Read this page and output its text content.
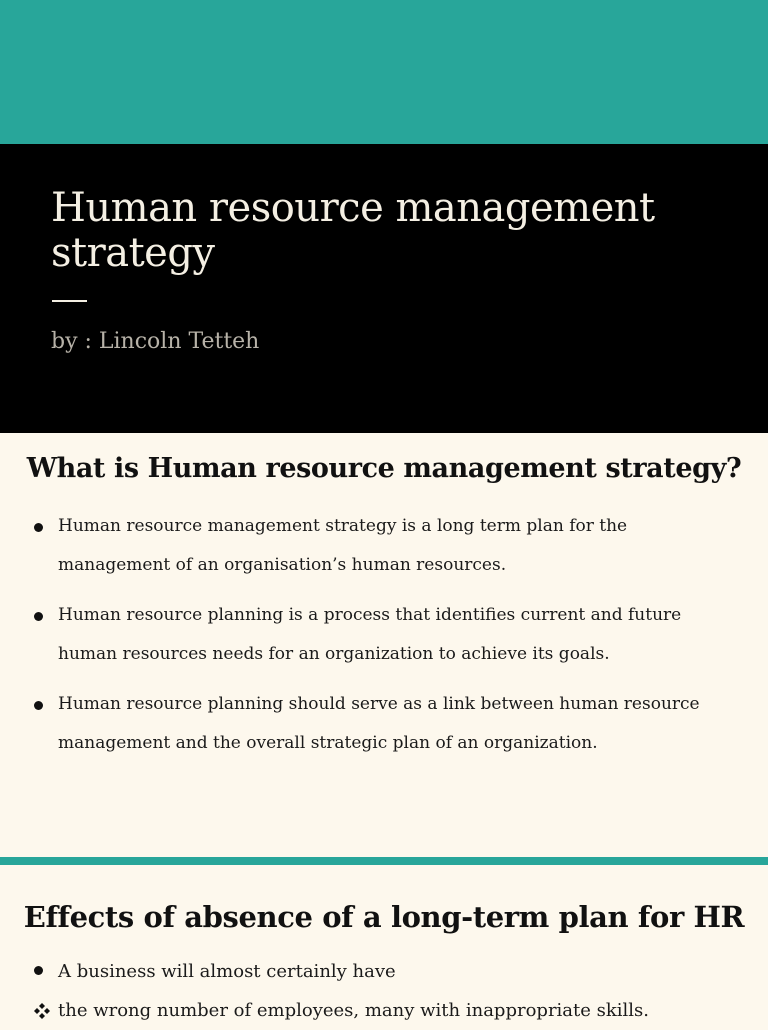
Human resource management strategy
by : Lincoln Tetteh
What is Human resource management strategy?
Human resource management strategy is a long term plan for the management of an organisation’s human resources.
Human resource planning is a process that identifies current and future human resources needs for an organization to achieve its goals.
Human resource planning should serve as a link between human resource management and the overall strategic plan of an organization.
Effects of absence of a long-term plan for HR
A business will almost certainly have
the wrong number of employees, many with inappropriate skills.
